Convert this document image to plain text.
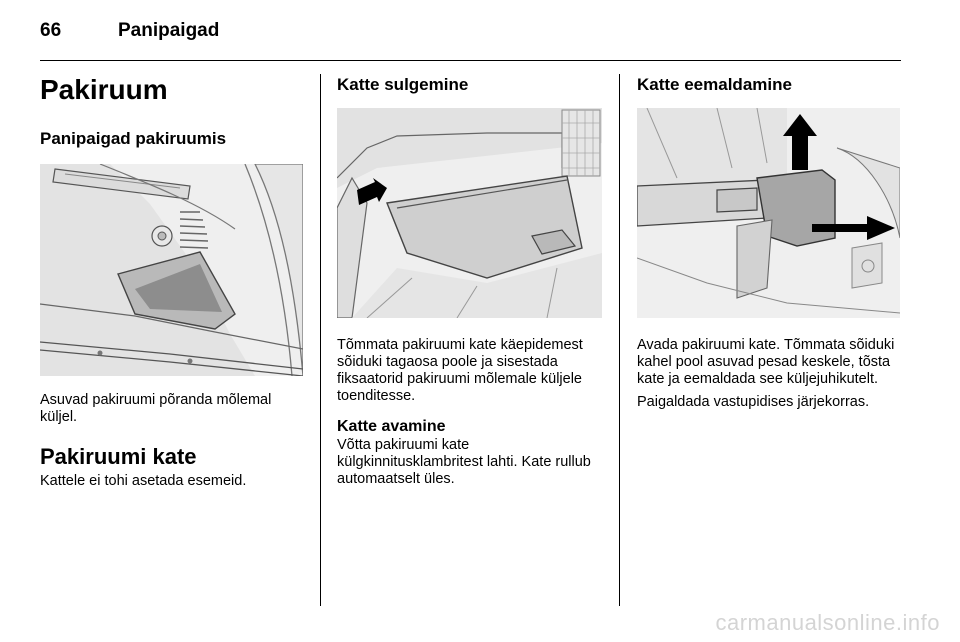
66	Panipaigad
Pakiruum
Panipaigad pakiruumis

Asuvad pakiruumi põranda mõlemal küljel.

Pakiruumi kate

Kattele ei tohi asetada esemeid.

Katte sulgemine

Tõmmata pakiruumi kate käepidemest sõiduki tagaosa poole ja sisestada fiksaatorid pakiruumi mõlemale küljele toenditesse.

Katte avamine

Võtta pakiruumi kate külgkinnitusklambritest lahti. Kate rullub automaatselt üles.

Katte eemaldamine

Avada pakiruumi kate. Tõmmata sõiduki kahel pool asuvad pesad keskele, tõsta kate ja eemaldada see küljejuhikutelt.

Paigaldada vastupidises järjekorras.

carmanualsonline.info
